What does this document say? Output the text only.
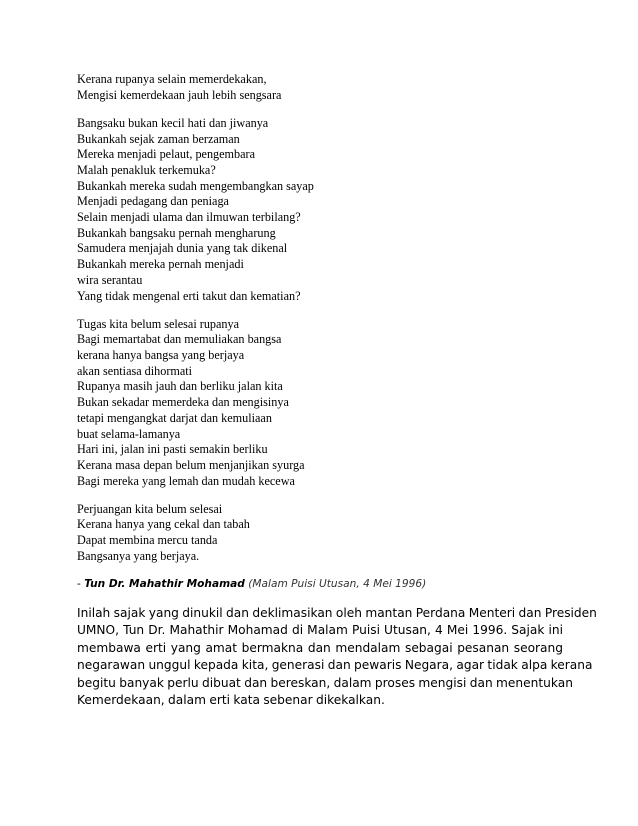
Kerana rupanya selain memerdekakan,
Mengisi kemerdekaan jauh lebih sengsara
Bangsaku bukan kecil hati dan jiwanya
Bukankah sejak zaman berzaman
Mereka menjadi pelaut, pengembara
Malah penakluk terkemuka?
Bukankah mereka sudah mengembangkan sayap
Menjadi pedagang dan peniaga
Selain menjadi ulama dan ilmuwan terbilang?
Bukankah bangsaku pernah mengharung
Samudera menjajah dunia yang tak dikenal
Bukankah mereka pernah menjadi
wira serantau
Yang tidak mengenal erti takut dan kematian?
Tugas kita belum selesai rupanya
Bagi memartabat dan memuliakan bangsa
kerana hanya bangsa yang berjaya
akan sentiasa dihormati
Rupanya masih jauh dan berliku jalan kita
Bukan sekadar memerdeka dan mengisinya
tetapi mengangkat darjat dan kemuliaan
buat selama-lamanya
Hari ini, jalan ini pasti semakin berliku
Kerana masa depan belum menjanjikan syurga
Bagi mereka yang lemah dan mudah kecewa
Perjuangan kita belum selesai
Kerana hanya yang cekal dan tabah
Dapat membina mercu tanda
Bangsanya yang berjaya.
- Tun Dr. Mahathir Mohamad (Malam Puisi Utusan, 4 Mei 1996)
Inilah sajak yang dinukil dan deklimasikan oleh mantan Perdana Menteri dan Presiden
UMNO, Tun Dr. Mahathir Mohamad di Malam Puisi Utusan, 4 Mei 1996. Sajak ini
membawa erti yang amat bermakna dan mendalam sebagai pesanan seorang
negarawan unggul kepada kita, generasi dan pewaris Negara, agar tidak alpa kerana
begitu banyak perlu dibuat dan bereskan, dalam proses mengisi dan menentukan
Kemerdekaan, dalam erti kata sebenar dikekalkan.
